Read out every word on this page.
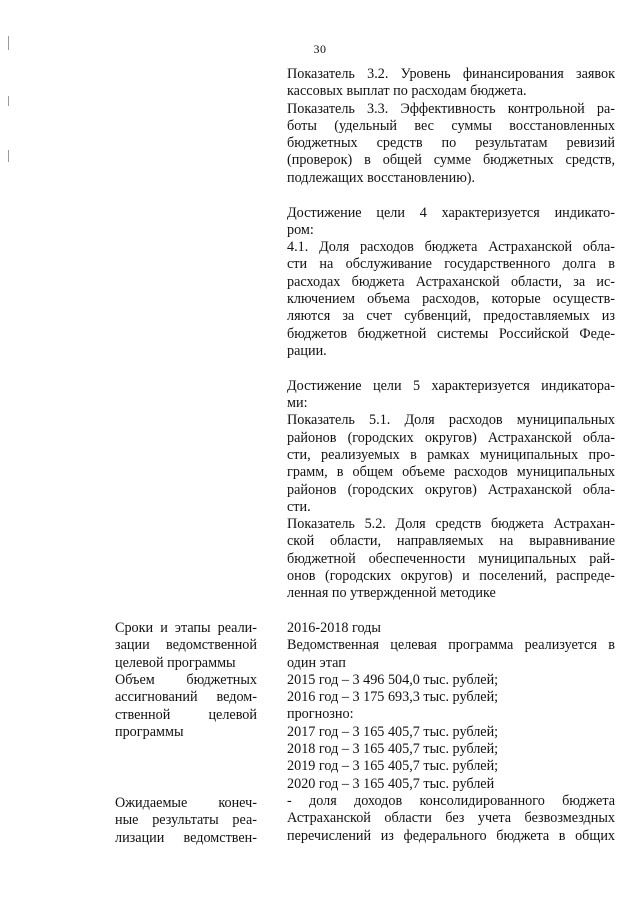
30

Показатель 3.2. Уровень финансирования заявок
кассовых выплат по расходам бюджета.

Показатель 3.3. Эффективность контрольной ра-
боты (удельный вес суммы восстановленных
бюджетных средств по результатам ревизий
(проверок) в общей сумме бюджетных средств,
подлежащих восстановлению).

Достижение цели 4 характеризуется индикато-
ром:
4.1. Доля расходов бюджета Астраханской обла-
сти на обслуживание государственного долга в
расходах бюджета Астраханской области, за ис-
ключением объема расходов, которые осуществ-
ляются за счет субвенций, предоставляемых из
бюджетов бюджетной системы Российской Феде-
рации.

Достижение цели 5 характеризуется индикатора-
ми:
Показатель 5.1. Доля расходов муниципальных
районов (городских округов) Астраханской обла-
сти, реализуемых в рамках муниципальных про-
грамм, в общем объеме расходов муниципальных
районов (городских округов) Астраханской обла-
сти.

Показатель 5.2. Доля средств бюджета Астрахан-
ской области, направляемых на выравнивание
бюджетной обеспеченности муниципальных рай-
онов (городских округов) и поселений, распреде-
ленная по утвержденной методике

Сроки и этапы реали-
зации ведомственной
целевой программы
Объем бюджетных
ассигнований ведом-
ственной целевой
программы
Ожидаемые конеч-
ные результаты реа-
лизации ведомствен-
2016-2018 годы
Ведомственная целевая программа реализуется в
один этап
2015 год – 3 496 504,0 тыс. рублей;
2016 год – 3 175 693,3 тыс. рублей;
прогнозно:
2017 год – 3 165 405,7 тыс. рублей;
2018 год – 3 165 405,7 тыс. рублей;
2019 год – 3 165 405,7 тыс. рублей;
2020 год – 3 165 405,7 тыс. рублей
- доля доходов консолидированного бюджета
Астраханской области без учета безвозмездных
перечислений из федерального бюджета в общих
